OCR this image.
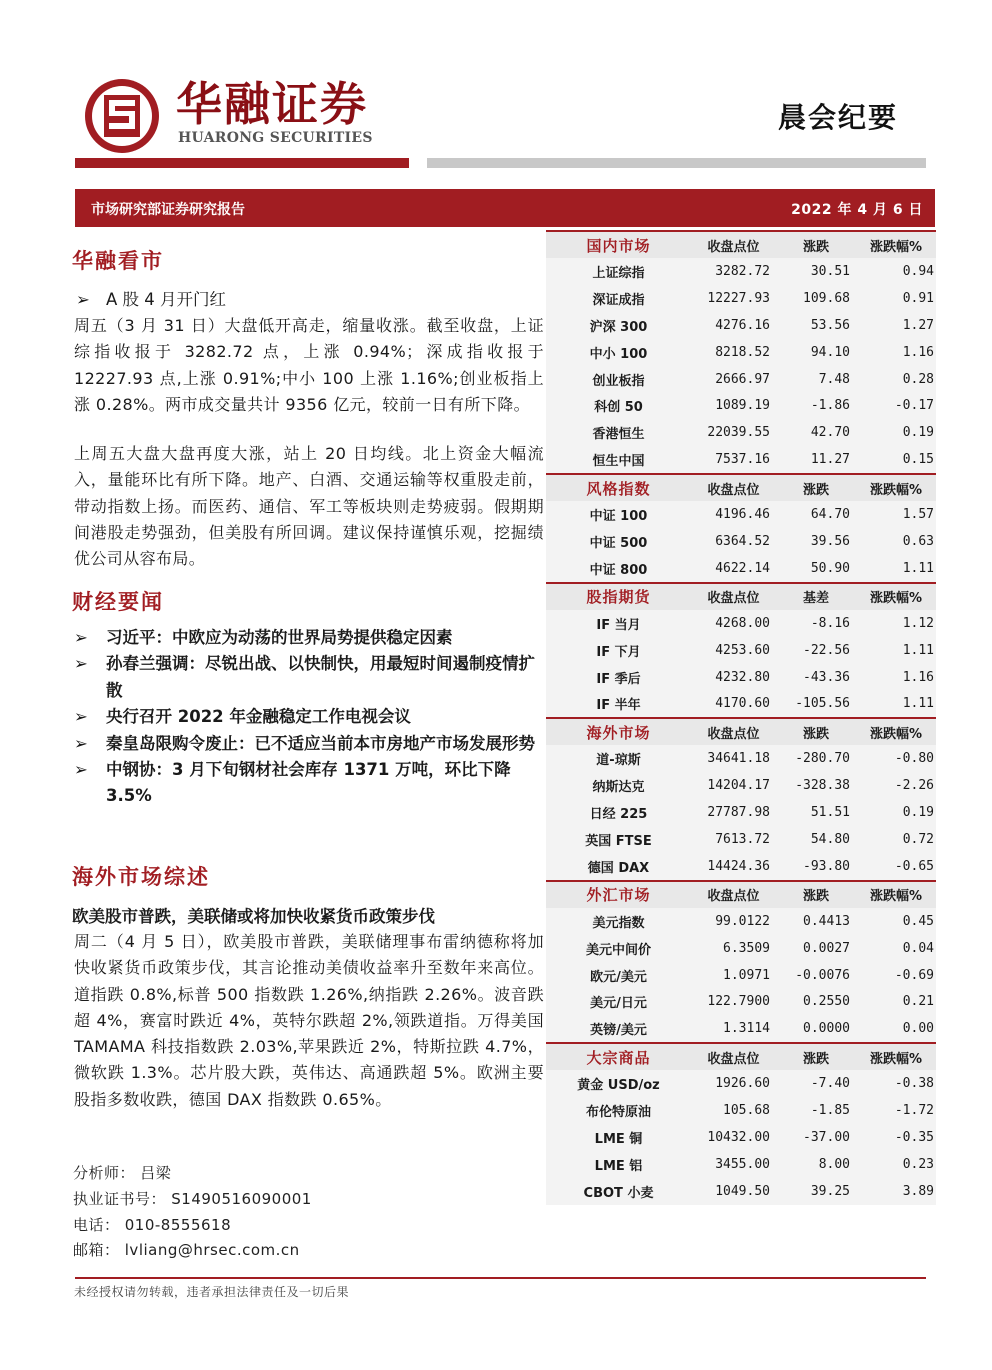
华融证券
HUARONG SECURITIES
晨会纪要
市场研究部证券研究报告	2022 年 4 月 6 日
华融看市
➢ A 股 4 月开门红
周五（3 月 31 日）大盘低开高走，缩量收涨。截至收盘，上证综指收报于 3282.72 点，上涨 0.94%；深成指收报于 12227.93 点,上涨 0.91%;中小 100 上涨 1.16%;创业板指上涨 0.28%。两市成交量共计 9356 亿元，较前一日有所下降。
上周五大盘大盘再度大涨，站上 20 日均线。北上资金大幅流入，量能环比有所下降。地产、白酒、交通运输等权重股走前，带动指数上扬。而医药、通信、军工等板块则走势疲弱。假期期间港股走势强劲，但美股有所回调。建议保持谨慎乐观，挖掘绩优公司从容布局。
财经要闻
➢	习近平：中欧应为动荡的世界局势提供稳定因素
➢	孙春兰强调：尽锐出战、以快制快，用最短时间遏制疫情扩散
➢	央行召开 2022 年金融稳定工作电视会议
➢	秦皇岛限购令废止：已不适应当前本市房地产市场发展形势
➢	中钢协：3 月下旬钢材社会库存 1371 万吨，环比下降 3.5%
海外市场综述
欧美股市普跌，美联储或将加快收紧货币政策步伐
周二（4 月 5 日），欧美股市普跌，美联储理事布雷纳德称将加快收紧货币政策步伐，其言论推动美债收益率升至数年来高位。道指跌 0.8%,标普 500 指数跌 1.26%,纳指跌 2.26%。波音跌超 4%，赛富时跌近 4%，英特尔跌超 2%,领跌道指。万得美国 TAMAMA 科技指数跌 2.03%,苹果跌近 2%，特斯拉跌 4.7%，微软跌 1.3%。芯片股大跌，英伟达、高通跌超 5%。欧洲主要股指多数收跌，德国 DAX 指数跌 0.65%。
分析师： 吕梁
执业证书号： S1490516090001
电话： 010-8555618
邮箱： lvliang@hrsec.com.cn
国内市场	收盘点位	涨跌	涨跌幅%
上证综指	3282.72	30.51	0.94
深证成指	12227.93	109.68	0.91
沪深 300	4276.16	53.56	1.27
中小 100	8218.52	94.10	1.16
创业板指	2666.97	7.48	0.28
科创 50	1089.19	-1.86	-0.17
香港恒生	22039.55	42.70	0.19
恒生中国	7537.16	11.27	0.15
风格指数	收盘点位	涨跌	涨跌幅%
中证 100	4196.46	64.70	1.57
中证 500	6364.52	39.56	0.63
中证 800	4622.14	50.90	1.11
股指期货	收盘点位	基差	涨跌幅%
IF 当月	4268.00	-8.16	1.12
IF 下月	4253.60	-22.56	1.11
IF 季后	4232.80	-43.36	1.16
IF 半年	4170.60	-105.56	1.11
海外市场	收盘点位	涨跌	涨跌幅%
道-琼斯	34641.18	-280.70	-0.80
纳斯达克	14204.17	-328.38	-2.26
日经 225	27787.98	51.51	0.19
英国 FTSE	7613.72	54.80	0.72
德国 DAX	14424.36	-93.80	-0.65
外汇市场	收盘点位	涨跌	涨跌幅%
美元指数	99.0122	0.4413	0.45
美元中间价	6.3509	0.0027	0.04
欧元/美元	1.0971	-0.0076	-0.69
美元/日元	122.7900	0.2550	0.21
英镑/美元	1.3114	0.0000	0.00
大宗商品	收盘点位	涨跌	涨跌幅%
黄金 USD/oz	1926.60	-7.40	-0.38
布伦特原油	105.68	-1.85	-1.72
LME 铜	10432.00	-37.00	-0.35
LME 铝	3455.00	8.00	0.23
CBOT 小麦	1049.50	39.25	3.89
未经授权请勿转载，违者承担法律责任及一切后果
